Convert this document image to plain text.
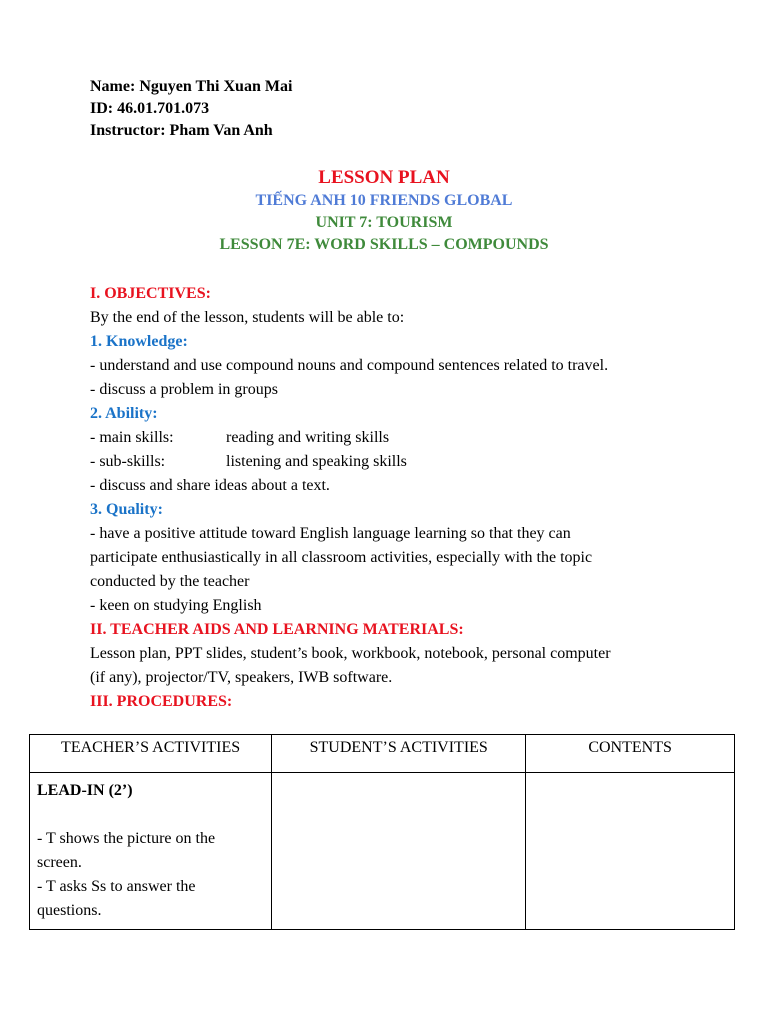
Name: Nguyen Thi Xuan Mai
ID: 46.01.701.073
Instructor: Pham Van Anh
LESSON PLAN
TIẾNG ANH 10 FRIENDS GLOBAL
UNIT 7: TOURISM
LESSON 7E: WORD SKILLS – COMPOUNDS
I. OBJECTIVES:
By the end of the lesson, students will be able to:
1. Knowledge:
- understand and use compound nouns and compound sentences related to travel.
- discuss a problem in groups
2. Ability:
- main skills:	reading and writing skills
- sub-skills:	listening and speaking skills
- discuss and share ideas about a text.
3. Quality:
- have a positive attitude toward English language learning so that they can
participate enthusiastically in all classroom activities, especially with the topic
conducted by the teacher
- keen on studying English
II. TEACHER AIDS AND LEARNING MATERIALS:
Lesson plan, PPT slides, student’s book, workbook, notebook, personal computer
(if any), projector/TV, speakers, IWB software.
III. PROCEDURES:
TEACHER’S ACTIVITIES	STUDENT’S ACTIVITIES	CONTENTS

LEAD-IN (2’)
- T shows the picture on the
screen.
- T asks Ss to answer the
questions.		
